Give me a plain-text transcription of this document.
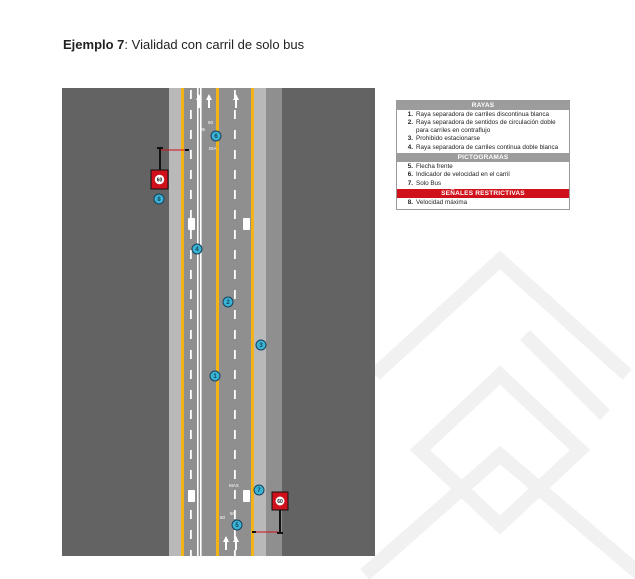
Ejemplo 7: Vialidad con carril de solo bus
60
05
DIA
MAX
50
60
60
60
1
2
3
4
5
6
7
8
RAYAS
1. Raya separadora de carriles discontinua blanca
2. Raya separadora de sentidos de circulación doble para carriles en contraflujo
3. Prohibido estacionarse
4. Raya separadora de carriles continua doble blanca
PICTOGRAMAS
5. Flecha frente
6. Indicador de velocidad en el carril
7. Solo Bus
SEÑALES RESTRICTIVAS
8. Velocidad máxima
